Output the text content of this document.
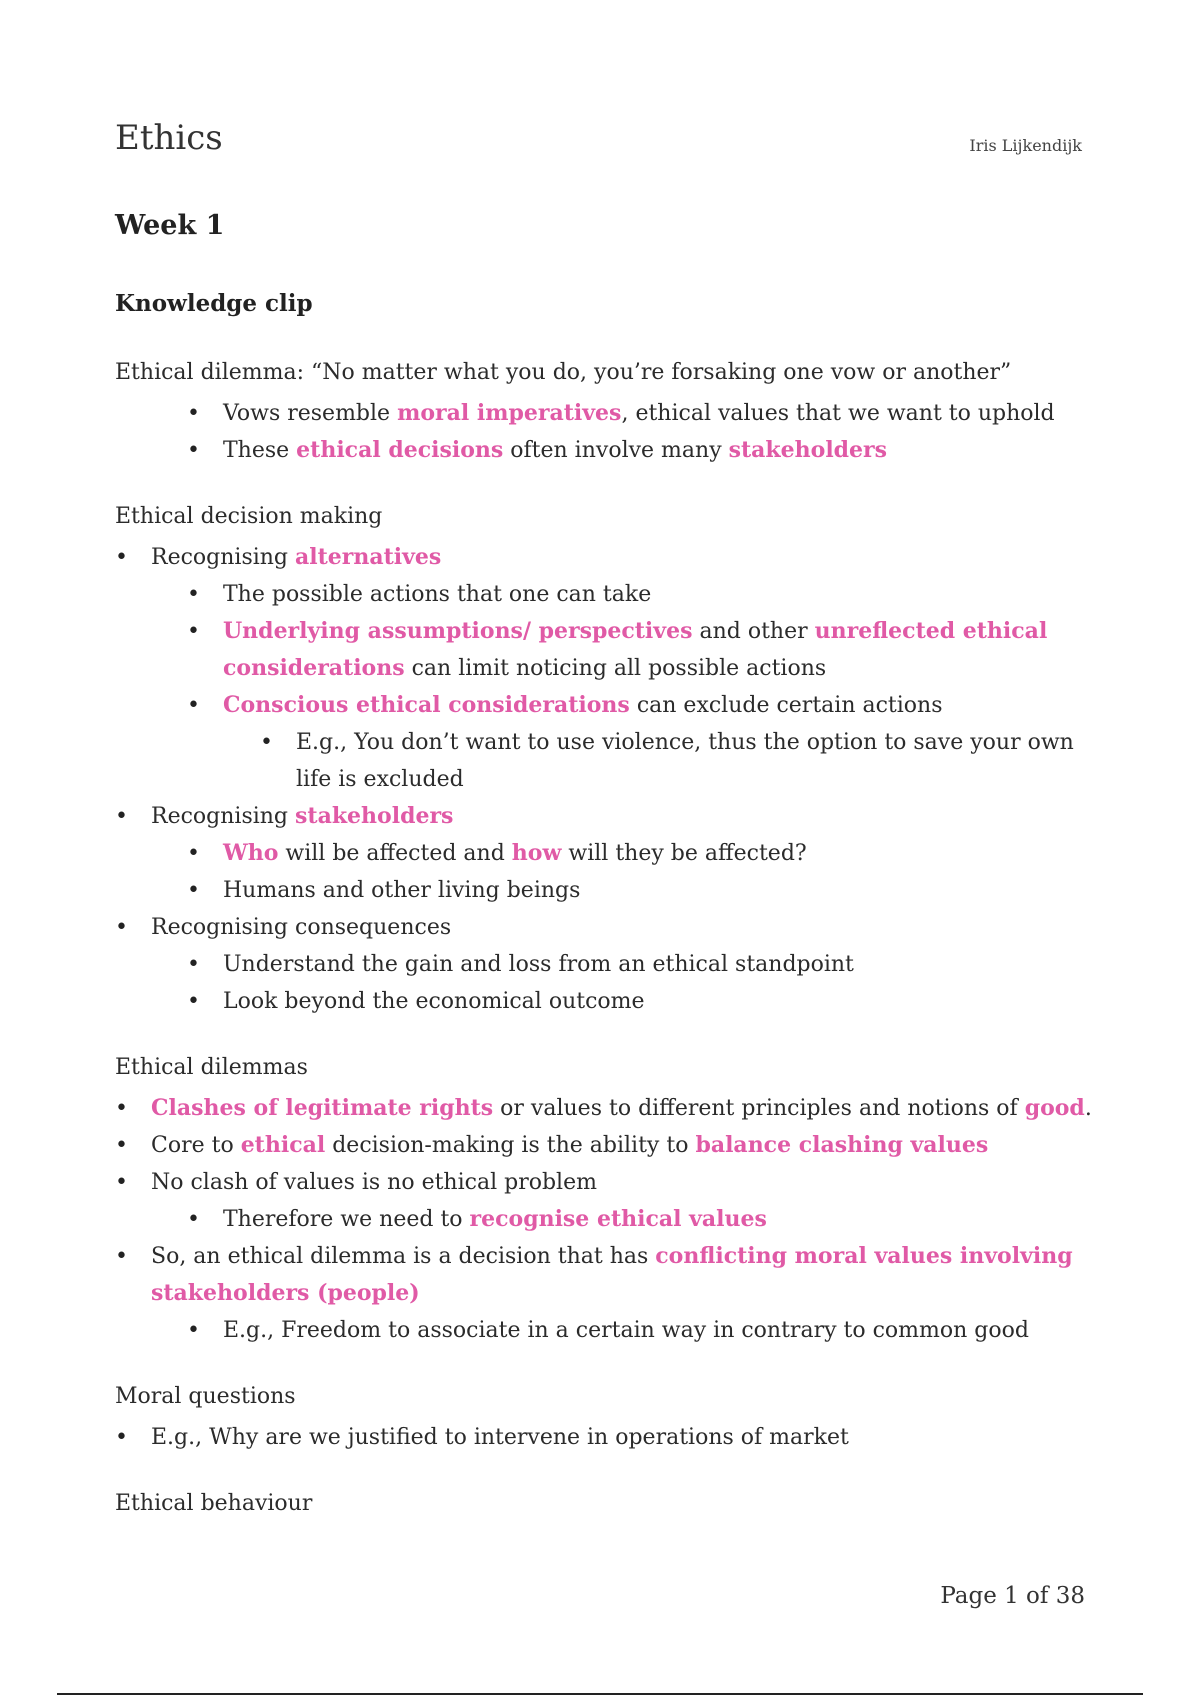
Ethics	Iris Lijkendijk
Week 1
Knowledge clip
Ethical dilemma: “No matter what you do, you’re forsaking one vow or another”
• Vows resemble moral imperatives, ethical values that we want to uphold
• These ethical decisions often involve many stakeholders
Ethical decision making
• Recognising alternatives
• The possible actions that one can take
• Underlying assumptions/ perspectives and other unreflected ethical considerations can limit noticing all possible actions
• Conscious ethical considerations can exclude certain actions
• E.g., You don’t want to use violence, thus the option to save your own life is excluded
• Recognising stakeholders
• Who will be affected and how will they be affected?
• Humans and other living beings
• Recognising consequences
• Understand the gain and loss from an ethical standpoint
• Look beyond the economical outcome
Ethical dilemmas
• Clashes of legitimate rights or values to different principles and notions of good.
• Core to ethical decision-making is the ability to balance clashing values
• No clash of values is no ethical problem
• Therefore we need to recognise ethical values
• So, an ethical dilemma is a decision that has conflicting moral values involving stakeholders (people)
• E.g., Freedom to associate in a certain way in contrary to common good
Moral questions
• E.g., Why are we justified to intervene in operations of market
Ethical behaviour
Page 1 of 38
